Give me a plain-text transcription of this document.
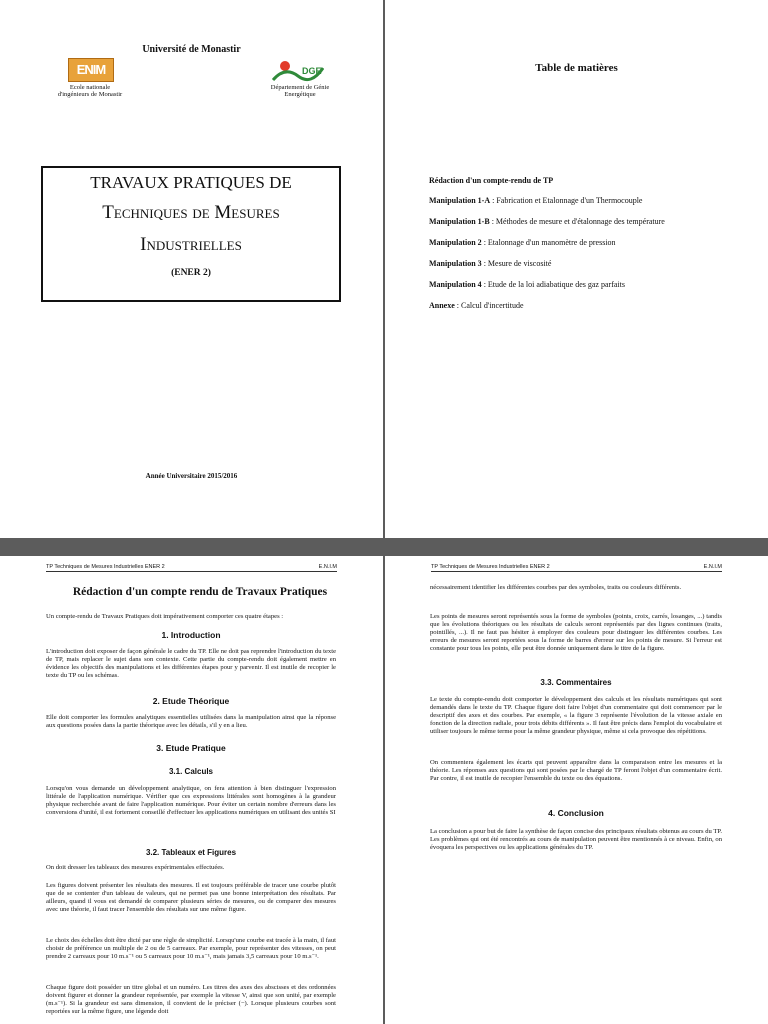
Université de Monastir
ENIM
Ecole nationale
d'ingénieurs de Monastir
DGE
Département de Génie
Energétique
TRAVAUX PRATIQUES DE
Techniques de Mesures
Industrielles
(ENER 2)
Année Universitaire 2015/2016
Table de matières
Rédaction d'un compte-rendu de TP
Manipulation 1-A : Fabrication et Etalonnage d'un Thermocouple
Manipulation 1-B : Méthodes de mesure et d'étalonnage des température
Manipulation 2 : Etalonnage d'un manomètre de pression
Manipulation 3 : Mesure de viscosité
Manipulation 4 : Etude de la loi adiabatique des gaz parfaits
Annexe : Calcul d'incertitude
TP Techniques de Mesures Industrielles ENER 2	E.N.I.M
Rédaction d'un compte rendu de Travaux Pratiques
Un compte-rendu de Travaux Pratiques doit impérativement comporter ces quatre étapes :
1. Introduction
L'introduction doit exposer de façon générale le cadre du TP. Elle ne doit pas reprendre l'introduction du texte de TP, mais replacer le sujet dans son contexte. Cette partie du compte-rendu doit également mettre en évidence les objectifs des manipulations et les différentes étapes pour y parvenir. Il est inutile de recopier le texte du TP ou les schémas.
2. Etude Théorique
Elle doit comporter les formules analytiques essentielles utilisées dans la manipulation ainsi que la réponse aux questions posées dans la partie théorique avec les détails, s'il y en a lieu.
3. Etude Pratique
3.1. Calculs
Lorsqu'on vous demande un développement analytique, on fera attention à bien distinguer l'expression littérale de l'application numérique. Vérifier que ces expressions littérales sont homogènes à la grandeur physique recherchée avant de faire l'application numérique. Pour éviter un certain nombre d'erreurs dans les conversions d'unité, il est fortement conseillé d'effectuer les applications numériques en utilisant des unités SI
3.2. Tableaux et Figures
On doit dresser les tableaux des mesures expérimentales effectuées.
Les figures doivent présenter les résultats des mesures. Il est toujours préférable de tracer une courbe plutôt que de se contenter d'un tableau de valeurs, qui ne permet pas une bonne interprétation des résultats. Par ailleurs, quand il vous est demandé de comparer plusieurs séries de mesures, ou de comparer des mesures avec une théorie, il faut tracer l'ensemble des résultats sur une même figure.
Le choix des échelles doit être dicté par une règle de simplicité. Lorsqu'une courbe est tracée à la main, il faut choisir de préférence un multiple de 2 ou de 5 carreaux. Par exemple, pour représenter des vitesses, on peut prendre 2 carreaux pour 10 m.s⁻¹ ou 5 carreaux pour 10 m.s⁻¹, mais jamais 3,5 carreaux pour 10 m.s⁻¹.
Chaque figure doit posséder un titre global et un numéro. Les titres des axes des abscisses et des ordonnées doivent figurer et donner la grandeur représentée, par exemple la vitesse V, ainsi que son unité, par exemple (m.s⁻¹). Si la grandeur est sans dimension, il convient de le préciser (−). Lorsque plusieurs courbes sont reportées sur la même figure, une légende doit
TP Techniques de Mesures Industrielles ENER 2	E.N.I.M
nécessairement identifier les différentes courbes par des symboles, traits ou couleurs différents.
Les points de mesures seront représentés sous la forme de symboles (points, croix, carrés, losanges, ...) tandis que les évolutions théoriques ou les résultats de calculs seront représentés par des lignes continues (traits, pointillés, ...). Il ne faut pas hésiter à employer des couleurs pour distinguer les différentes courbes. Les erreurs de mesures seront reportées sous la forme de barres d'erreur sur les points de mesure. Si l'erreur est constante pour tous les points, elle peut être donnée uniquement dans le titre de la figure.
3.3. Commentaires
Le texte du compte-rendu doit comporter le développement des calculs et les résultats numériques qui sont demandés dans le texte du TP. Chaque figure doit faire l'objet d'un commentaire qui doit commencer par le descriptif des axes et des courbes. Par exemple, « la figure 3 représente l'évolution de la vitesse axiale en fonction de la direction radiale, pour trois débits différents ». Il faut être précis dans l'emploi du vocabulaire et utiliser toujours le même terme pour la même grandeur physique, même si cela provoque des répétitions.
On commentera également les écarts qui peuvent apparaître dans la comparaison entre les mesures et la théorie. Les réponses aux questions qui sont posées par le chargé de TP feront l'objet d'un commentaire écrit. Par contre, il est inutile de recopier l'ensemble du texte ou des équations.
4. Conclusion
La conclusion a pour but de faire la synthèse de façon concise des principaux résultats obtenus au cours du TP. Les problèmes qui ont été rencontrés au cours de manipulation peuvent être mentionnés à ce niveau. Enfin, on évoquera les perspectives ou les applications générales du TP.
